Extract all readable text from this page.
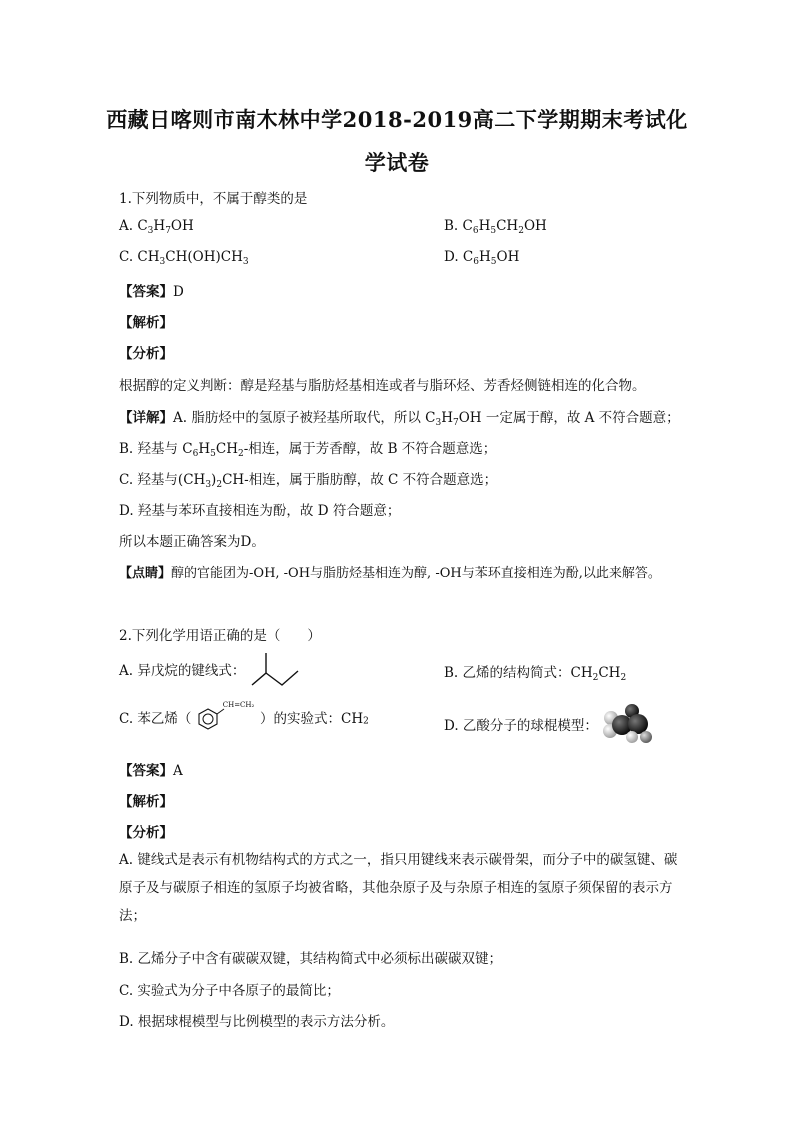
西藏日喀则市南木林中学2018-2019高二下学期期末考试化
学试卷
1.下列物质中，不属于醇类的是
A. $C_3H_7OH$	B. $C_6H_5CH_2OH$
C. $CH_3CH(OH)CH_3$	D. $C_6H_5OH$
【答案】D
【解析】
【分析】
根据醇的定义判断：醇是羟基与脂肪烃基相连或者与脂环烃、芳香烃侧链相连的化合物。
【详解】A. 脂肪烃中的氢原子被羟基所取代，所以 $C_3H_7OH$ 一定属于醇，故 A 不符合题意；
B. 羟基与 $C_6H_5CH_2-$相连，属于芳香醇，故 B 不符合题意选；
C. 羟基与$(CH_3)_2CH-$相连，属于脂肪醇，故 C 不符合题意选；
D. 羟基与苯环直接相连为酚，故 D 符合题意；
所以本题正确答案为D。
【点睛】醇的官能团为-OH, -OH与脂肪烃基相连为醇, -OH与苯环直接相连为酚,以此来解答。
2.下列化学用语正确的是（　　）
A. 异戊烷的键线式：	B. 乙烯的结构简式：$CH_2CH_2$
C. 苯乙烯（
CH=CH₂
）的实验式：$CH_2$	D. 乙酸分子的球棍模型：
【答案】A
【解析】
【分析】
A. 键线式是表示有机物结构式的方式之一，指只用键线来表示碳骨架，而分子中的碳氢键、碳原子及与碳原子相连的氢原子均被省略，其他杂原子及与杂原子相连的氢原子须保留的表示方法；
B. 乙烯分子中含有碳碳双键，其结构简式中必须标出碳碳双键；
C. 实验式为分子中各原子的最简比；
D. 根据球棍模型与比例模型的表示方法分析。
